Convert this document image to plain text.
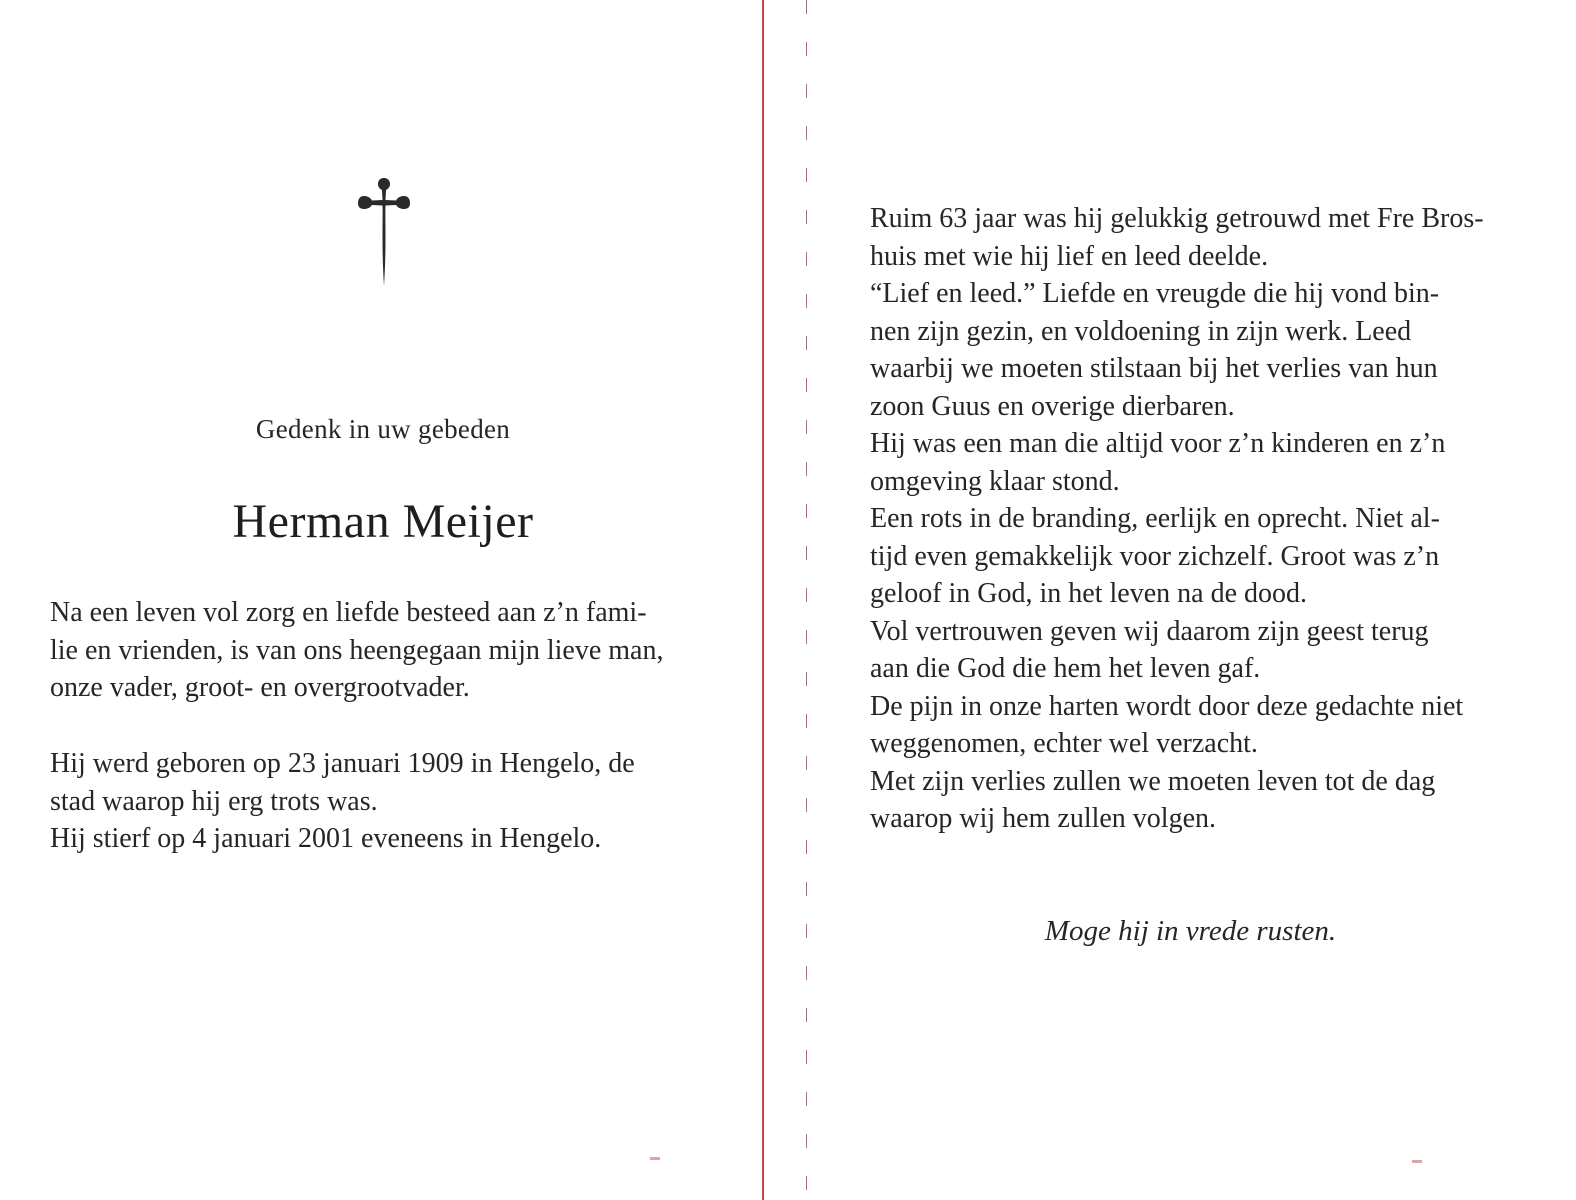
Gedenk in uw gebeden

Herman Meijer

Na een leven vol zorg en liefde besteed aan z’n fami-

lie en vrienden, is van ons heengegaan mijn lieve man,

onze vader, groot- en overgrootvader.

Hij werd geboren op 23 januari 1909 in Hengelo, de

stad waarop hij erg trots was.

Hij stierf op 4 januari 2001 eveneens in Hengelo.

Ruim 63 jaar was hij gelukkig getrouwd met Fre Bros-

huis met wie hij lief en leed deelde.

“Lief en leed.” Liefde en vreugde die hij vond bin-

nen zijn gezin, en voldoening in zijn werk. Leed

waarbij we moeten stilstaan bij het verlies van hun

zoon Guus en overige dierbaren.

Hij was een man die altijd voor z’n kinderen en z’n

omgeving klaar stond.

Een rots in de branding, eerlijk en oprecht. Niet al-

tijd even gemakkelijk voor zichzelf. Groot was z’n

geloof in God, in het leven na de dood.

Vol vertrouwen geven wij daarom zijn geest terug

aan die God die hem het leven gaf.

De pijn in onze harten wordt door deze gedachte niet

weggenomen, echter wel verzacht.

Met zijn verlies zullen we moeten leven tot de dag

waarop wij hem zullen volgen.

Moge hij in vrede rusten.
